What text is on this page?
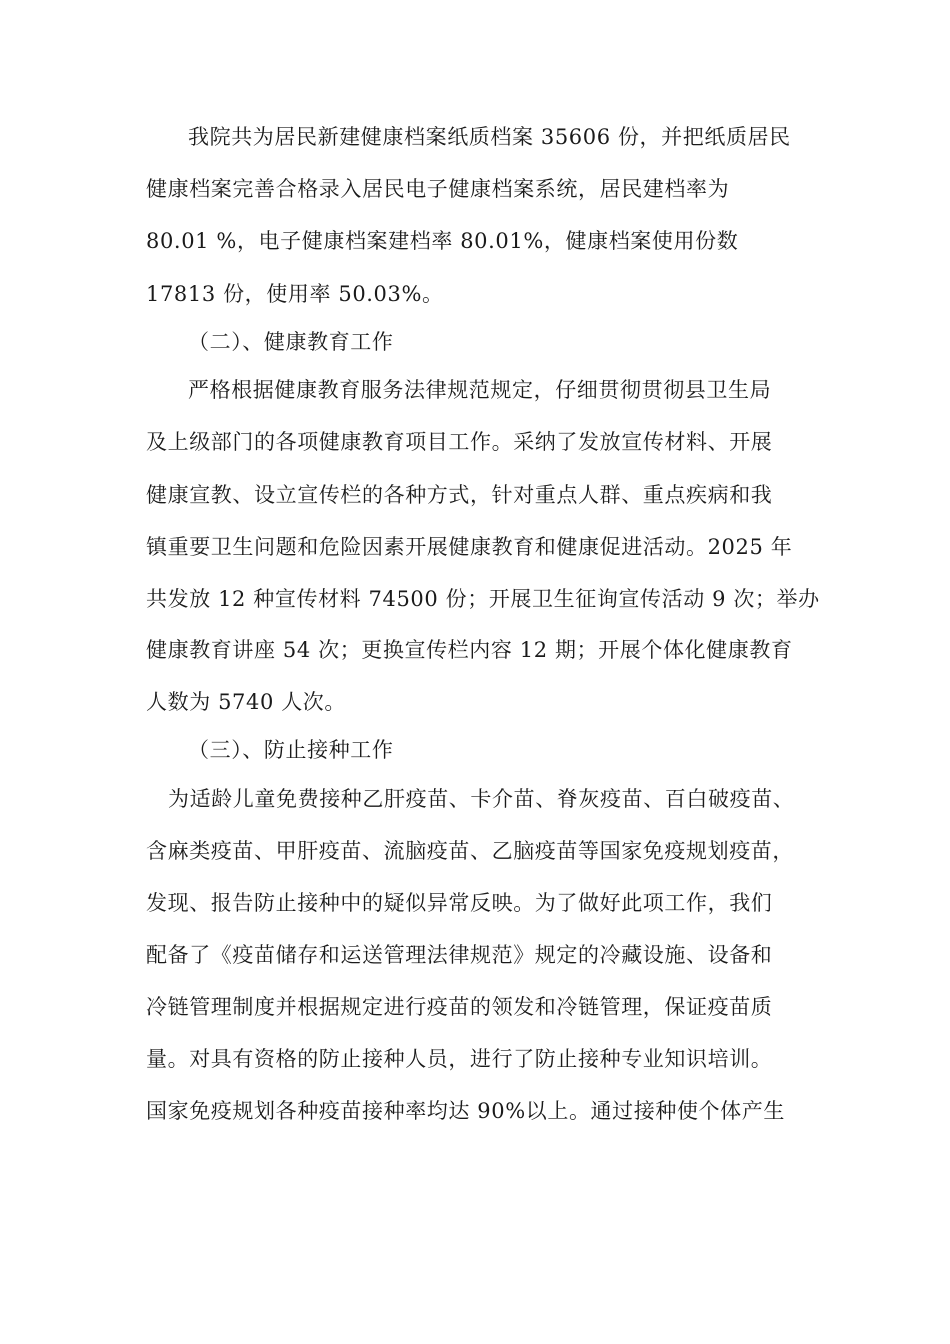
我院共为居民新建健康档案纸质档案 35606 份，并把纸质居民

健康档案完善合格录入居民电子健康档案系统，居民建档率为

80.01 %，电子健康档案建档率 80.01%，健康档案使用份数

17813 份，使用率 50.03%。

（二）、健康教育工作

严格根据健康教育服务法律规范规定，仔细贯彻贯彻县卫生局

及上级部门的各项健康教育项目工作。采纳了发放宣传材料、开展

健康宣教、设立宣传栏的各种方式，针对重点人群、重点疾病和我

镇重要卫生问题和危险因素开展健康教育和健康促进活动。2025 年

共发放 12 种宣传材料 74500 份；开展卫生征询宣传活动 9 次；举办

健康教育讲座 54 次；更换宣传栏内容 12 期；开展个体化健康教育

人数为 5740 人次。

（三）、防止接种工作

为适龄儿童免费接种乙肝疫苗、卡介苗、脊灰疫苗、百白破疫苗、

含麻类疫苗、甲肝疫苗、流脑疫苗、乙脑疫苗等国家免疫规划疫苗，

发现、报告防止接种中的疑似异常反映。为了做好此项工作，我们

配备了《疫苗储存和运送管理法律规范》规定的冷藏设施、设备和

冷链管理制度并根据规定进行疫苗的领发和冷链管理，保证疫苗质

量。对具有资格的防止接种人员，进行了防止接种专业知识培训。

国家免疫规划各种疫苗接种率均达 90%以上。通过接种使个体产生
